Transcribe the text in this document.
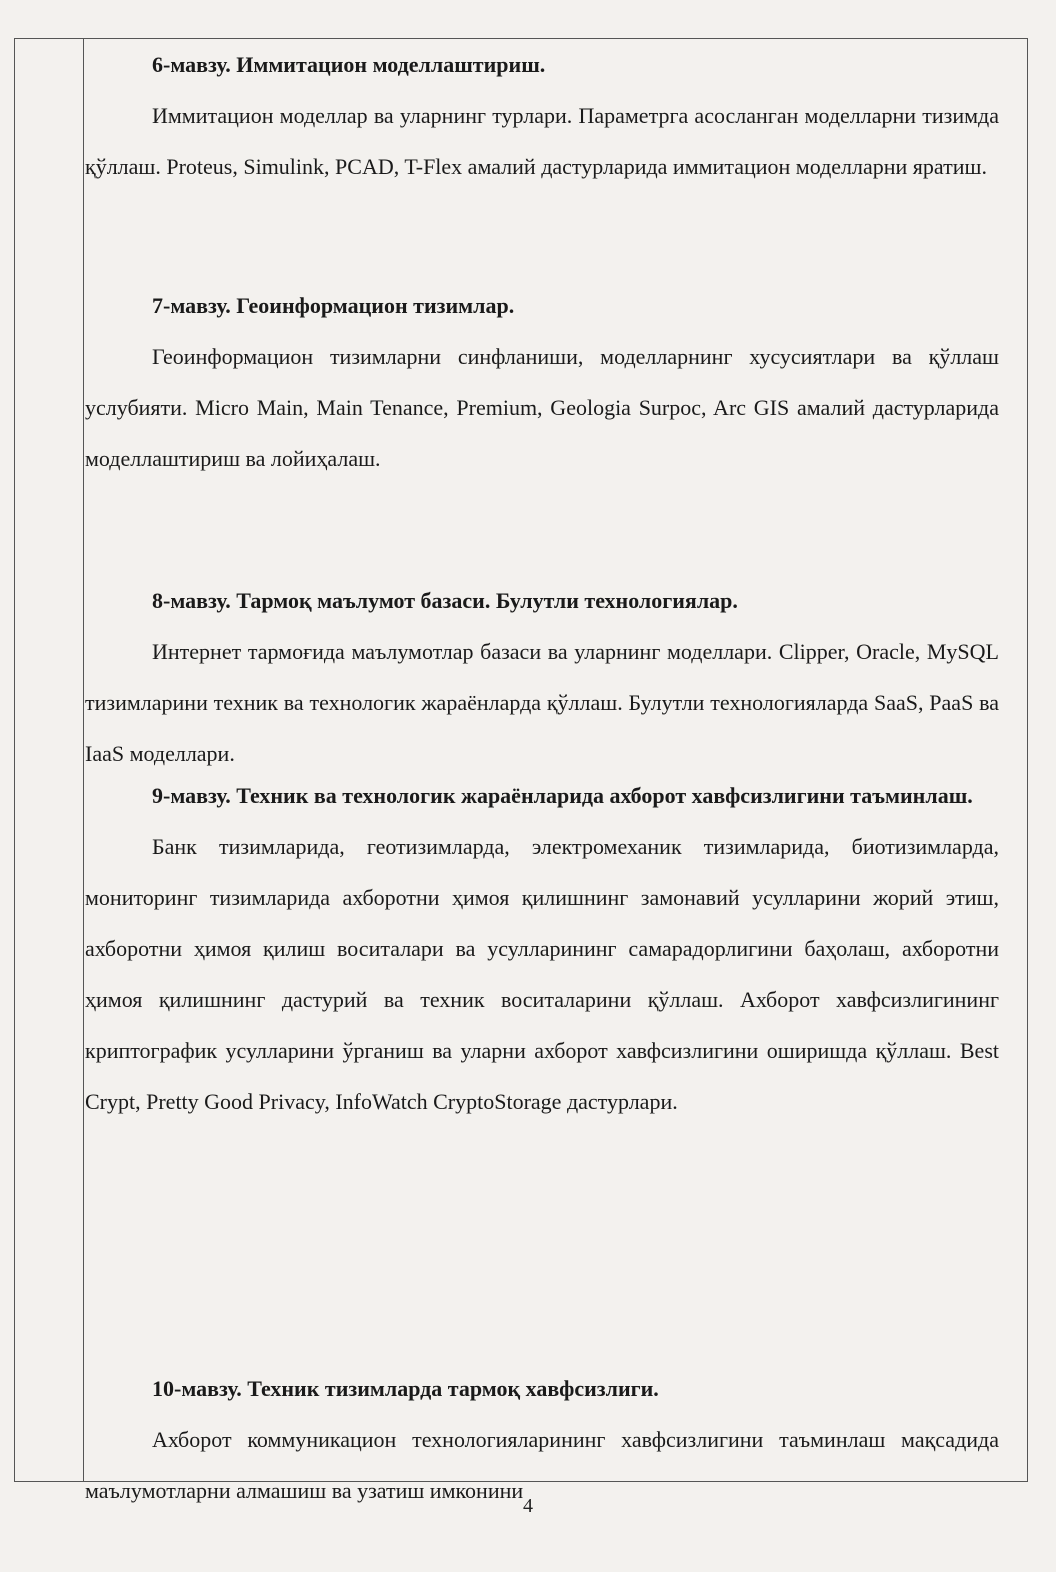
6-мавзу. Иммитацион моделлаштириш.

Иммитацион моделлар ва уларнинг турлари. Параметрга асосланган моделларни тизимда қўллаш. Proteus, Simulink, PCAD, T-Flex амалий дастурларида иммитацион моделларни яратиш.

7-мавзу. Геоинформацион тизимлар.

Геоинформацион тизимларни синфланиши, моделларнинг хусусиятлари ва қўллаш услубияти. Micro Main, Main Tenance, Premium, Geologia Surpoc, Arc GIS амалий дастурларида моделлаштириш ва лойиҳалаш.

8-мавзу. Тармоқ маълумот базаси. Булутли технологиялар.

Интернет тармоғида маълумотлар базаси ва уларнинг моделлари. Clipper, Oracle, MySQL тизимларини техник ва технологик жараёнларда қўллаш. Булутли технологияларда SaaS, PaaS ва IaaS моделлари.

9-мавзу. Техник ва технологик жараёнларида ахборот хавфсизлигини таъминлаш.

Банк тизимларида, геотизимларда, электромеханик тизимларида, биотизимларда, мониторинг тизимларида ахборотни ҳимоя қилишнинг замонавий усулларини жорий этиш, ахборотни ҳимоя қилиш воситалари ва усулларининг самарадорлигини баҳолаш, ахборотни ҳимоя қилишнинг дастурий ва техник воситаларини қўллаш. Ахборот хавфсизлигининг криптографик усулларини ўрганиш ва уларни ахборот хавфсизлигини оширишда қўллаш. Best Crypt, Pretty Good Privacy, InfoWatch CryptoStorage дастурлари.

10-мавзу. Техник тизимларда тармоқ хавфсизлиги.

Ахборот коммуникацион технологияларининг хавфсизлигини таъминлаш мақсадида маълумотларни алмашиш ва узатиш имконини

4
